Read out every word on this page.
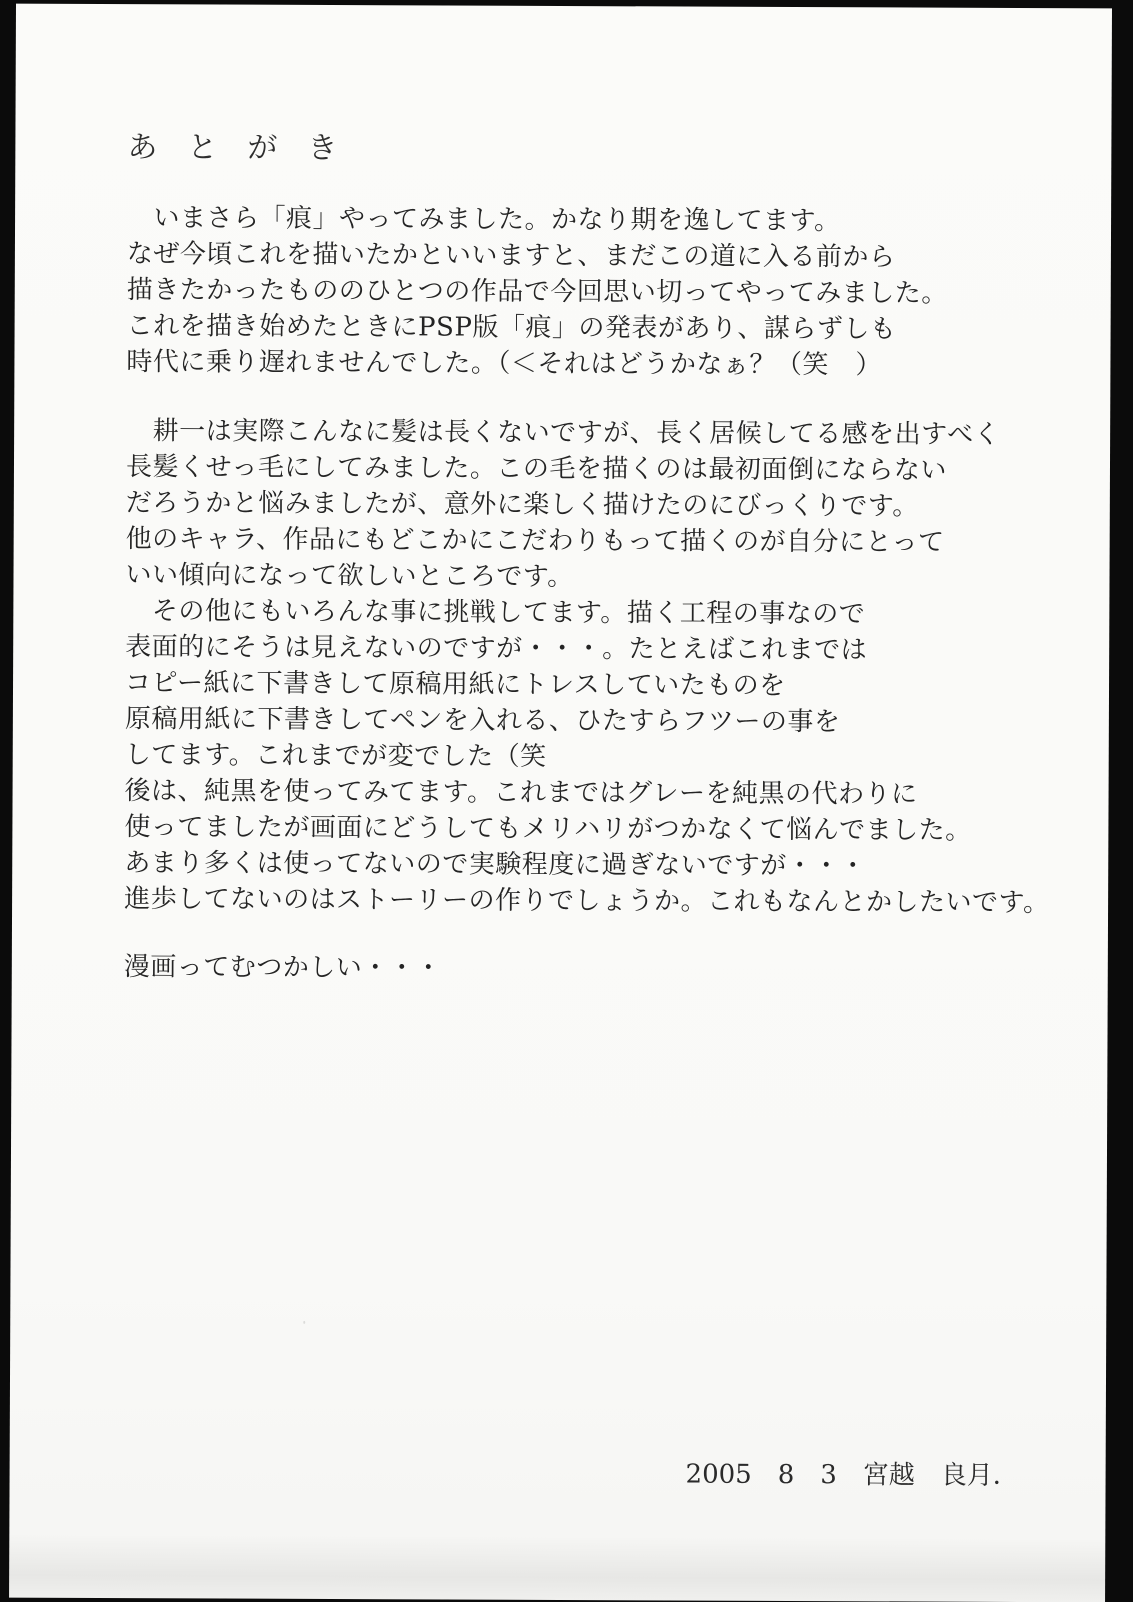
あ　と　が　き
　いまさら「痕」やってみました。かなり期を逸してます。
なぜ今頃これを描いたかといいますと、まだこの道に入る前から
描きたかったもののひとつの作品で今回思い切ってやってみました。
これを描き始めたときにPSP版「痕」の発表があり、謀らずしも
時代に乗り遅れませんでした。（＜それはどうかなぁ？（笑　）
　耕一は実際こんなに髪は長くないですが、長く居候してる感を出すべく
長髪くせっ毛にしてみました。この毛を描くのは最初面倒にならない
だろうかと悩みましたが、意外に楽しく描けたのにびっくりです。
他のキャラ、作品にもどこかにこだわりもって描くのが自分にとって
いい傾向になって欲しいところです。
　その他にもいろんな事に挑戦してます。描く工程の事なので
表面的にそうは見えないのですが・・・。たとえばこれまでは
コピー紙に下書きして原稿用紙にトレスしていたものを
原稿用紙に下書きしてペンを入れる、ひたすらフツーの事を
してます。これまでが変でした（笑
後は、純黒を使ってみてます。これまではグレーを純黒の代わりに
使ってましたが画面にどうしてもメリハリがつかなくて悩んでました。
あまり多くは使ってないので実験程度に過ぎないですが・・・
進歩してないのはストーリーの作りでしょうか。これもなんとかしたいです。
漫画ってむつかしい・・・
2005　8　3　宮越　良月．
